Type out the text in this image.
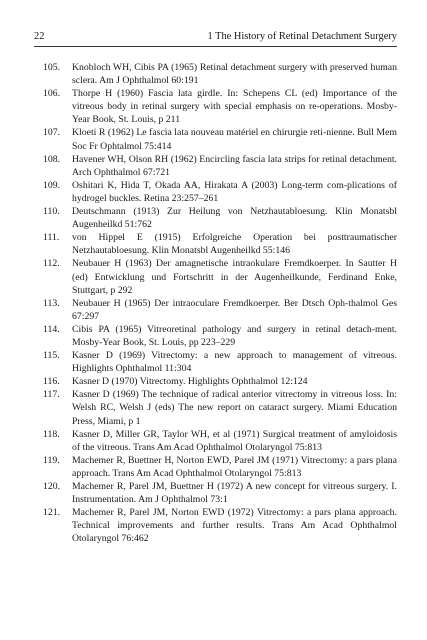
22	1 The History of Retinal Detachment Surgery
105. Knobloch WH, Cibis PA (1965) Retinal detachment surgery with preserved human sclera. Am J Ophthalmol 60:191
106. Thorpe H (1960) Fascia lata girdle. In: Schepens CL (ed) Importance of the vitreous body in retinal surgery with special emphasis on re-operations. Mosby-Year Book, St. Louis, p 211
107. Kloeti R (1962) Le fascia lata nouveau matériel en chirurgie reti-nienne. Bull Mem Soc Fr Ophtalmol 75:414
108. Havener WH, Olson RH (1962) Encircling fascia lata strips for retinal detachment. Arch Ophthalmol 67:721
109. Oshitari K, Hida T, Okada AA, Hirakata A (2003) Long-term com-plications of hydrogel buckles. Retina 23:257–261
110. Deutschmann (1913) Zur Heilung von Netzhautabloesung. Klin Monatsbl Augenheilkd 51:762
111. von Hippel E (1915) Erfolgreiche Operation bei posttraumatischer Netzhautabloesung. Klin Monatsbl Augenheilkd 55:146
112. Neubauer H (1963) Der amagnetische intraokulare Fremdkoerper. In Sautter H (ed) Entwicklung und Fortschritt in der Augenheilkunde, Ferdinand Enke, Stuttgart, p 292
113. Neubauer H (1965) Der intraoculare Fremdkoerper. Ber Dtsch Oph-thalmol Ges 67:297
114. Cibis PA (1965) Vitreoretinal pathology and surgery in retinal detach-ment. Mosby-Year Book, St. Louis, pp 223–229
115. Kasner D (1969) Vitrectomy: a new approach to management of vitreous. Highlights Ophthalmol 11:304
116. Kasner D (1970) Vitrectomy. Highlights Ophthalmol 12:124
117. Kasner D (1969) The technique of radical anterior vitrectomy in vitreous loss. In: Welsh RC, Welsh J (eds) The new report on cataract surgery. Miami Education Press, Miami, p 1
118. Kasner D, Miller GR, Taylor WH, et al (1971) Surgical treatment of amyloidosis of the vitreous. Trans Am Acad Ophthalmol Otolaryngol 75:813
119. Machemer R, Buettner H, Norton EWD, Parel JM (1971) Vitrectomy: a pars plana approach. Trans Am Acad Ophthalmol Otolaryngol 75:813
120. Machemer R, Parel JM, Buettner H (1972) A new concept for vitreous surgery. I. Instrumentation. Am J Ophthalmol 73:1
121. Machemer R, Parel JM, Norton EWD (1972) Vitrectomy: a pars plana approach. Technical improvements and further results. Trans Am Acad Ophthalmol Otolaryngol 76:462
